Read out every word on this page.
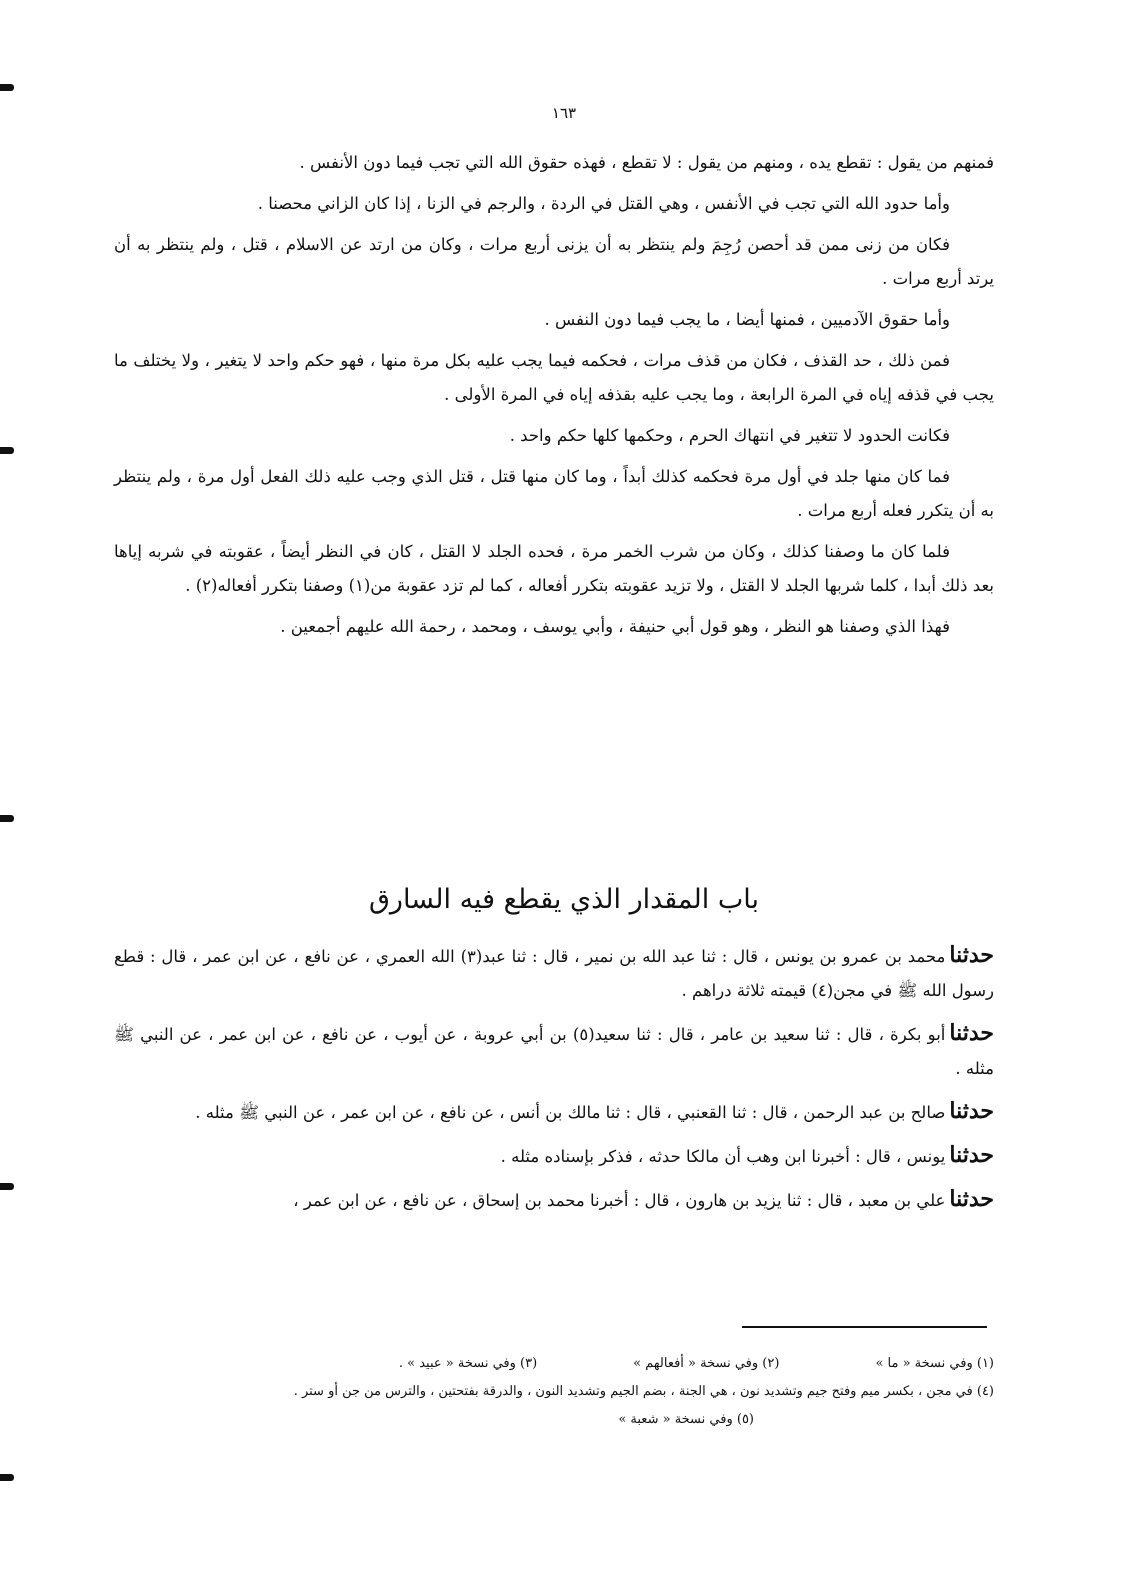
١٦٣

فمنهم من يقول : تقطع يده ، ومنهم من يقول : لا تقطع ، فهذه حقوق الله التي تجب فيما دون الأنفس .

وأما حدود الله التي تجب في الأنفس ، وهي القتل في الردة ، والرجم في الزنا ، إذا كان الزاني محصنا .

فكان من زنى ممن قد أحصن رُجِمَ ولم ينتظر به أن يزنى أربع مرات ، وكان من ارتد عن الاسلام ، قتل ، ولم ينتظر به أن يرتد أربع مرات .

وأما حقوق الآدميين ، فمنها أيضا ، ما يجب فيما دون النفس .

فمن ذلك ، حد القذف ، فكان من قذف مرات ، فحكمه فيما يجب عليه بكل مرة منها ، فهو حكم واحد لا يتغير ، ولا يختلف ما يجب في قذفه إياه في المرة الرابعة ، وما يجب عليه بقذفه إياه في المرة الأولى .

فكانت الحدود لا تتغير في انتهاك الحرم ، وحكمها كلها حكم واحد .

فما كان منها جلد في أول مرة فحكمه كذلك أبداً ، وما كان منها قتل ، قتل الذي وجب عليه ذلك الفعل أول مرة ، ولم ينتظر به أن يتكرر فعله أربع مرات .

فلما كان ما وصفنا كذلك ، وكان من شرب الخمر مرة ، فحده الجلد لا القتل ، كان في النظر أيضاً ، عقوبته في شربه إياها بعد ذلك أبدا ، كلما شربها الجلد لا القتل ، ولا تزيد عقوبته بتكرر أفعاله ، كما لم تزد عقوبة من(١) وصفنا بتكرر أفعاله(٢) .

فهذا الذي وصفنا هو النظر ، وهو قول أبي حنيفة ، وأبي يوسف ، ومحمد ، رحمة الله عليهم أجمعين .

باب المقدار الذي يقطع فيه السارق

حدثنامحمد بن عمرو بن يونس ، قال : ثنا عبد الله بن نمير ، قال : ثنا عبد(٣) الله العمري ، عن نافع ، عن ابن عمر ، قال : قطع رسول الله ﷺ في مجن(٤) قيمته ثلاثة دراهم .

حدثناأبو بكرة ، قال : ثنا سعيد بن عامر ، قال : ثنا سعيد(٥) بن أبي عروبة ، عن أيوب ، عن نافع ، عن ابن عمر ، عن النبي ﷺ مثله .

حدثناصالح بن عبد الرحمن ، قال : ثنا القعنبي ، قال : ثنا مالك بن أنس ، عن نافع ، عن ابن عمر ، عن النبي ﷺ مثله .

حدثنايونس ، قال : أخبرنا ابن وهب أن مالكا حدثه ، فذكر بإسناده مثله .

حدثناعلي بن معبد ، قال : ثنا يزيد بن هارون ، قال : أخبرنا محمد بن إسحاق ، عن نافع ، عن ابن عمر ،

(١) وفي نسخة « ما »
(٢) وفي نسخة « أفعالهم »
(٣) وفي نسخة « عبيد » .

(٤) في مجن ، بكسر ميم وفتح جيم وتشديد نون ، هي الجنة ، بضم الجيم وتشديد النون ، والدرقة بفتحتين ، والترس من جن أو ستر .

(٥) وفي نسخة « شعبة »
